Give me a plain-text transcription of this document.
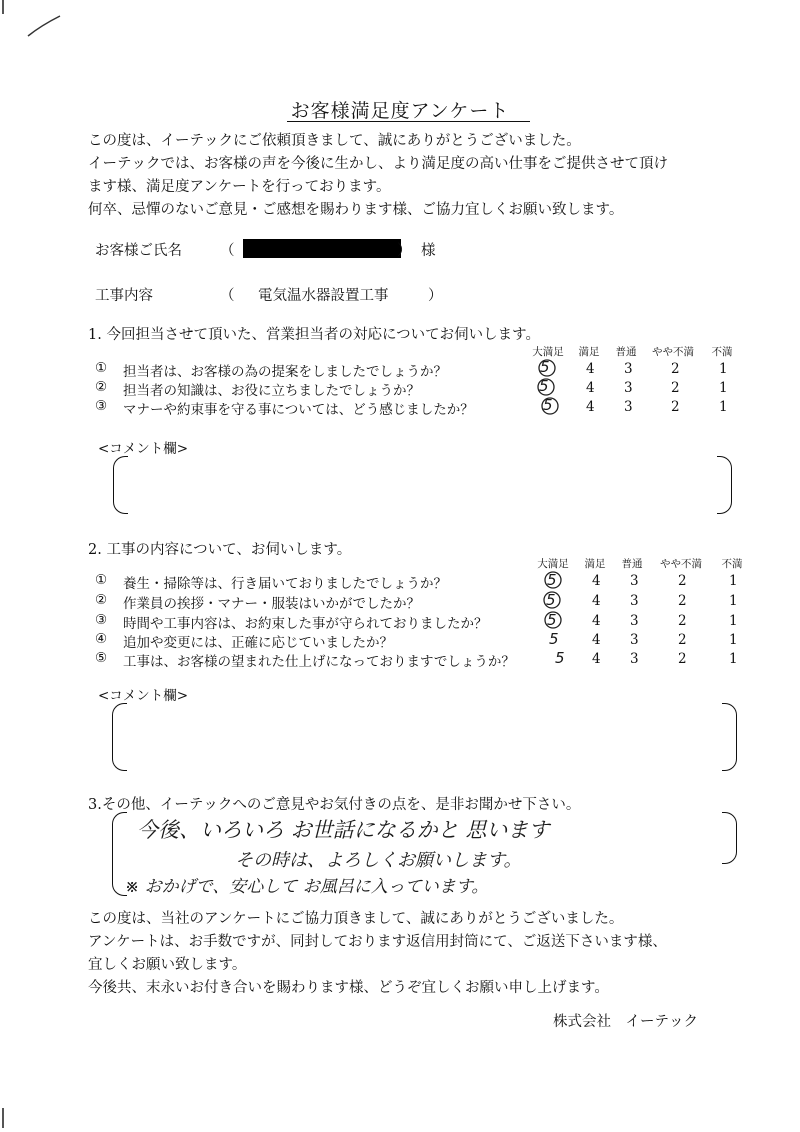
お客様満足度アンケート
この度は、イーテックにご依頼頂きまして、誠にありがとうございました。
イーテックでは、お客様の声を今後に生かし、より満足度の高い仕事をご提供させて頂け
ます様、満足度アンケートを行っております。
何卒、忌憚のないご意見・ご感想を賜わります様、ご協力宜しくお願い致します。
お客様ご氏名	（	） 様
工事内容	（ 電気温水器設置工事	）
1. 今回担当させて頂いた、営業担当者の対応についてお伺いします。
大満足 満足 普通 やや不満 不満
① 担当者は、お客様の為の提案をしましたでしょうか？	5	4 3	2	1
② 担当者の知識は、お役に立ちましたでしょうか？	5	4 3	2	1
③ マナーや約束事を守る事については、どう感じましたか？	5 4 3	2	1
<コメント欄>
2. 工事の内容について、お伺いします。
大満足 満足 普通 やや不満 不満
① 養生・掃除等は、行き届いておりましたでしょうか？	5	4 3	2	1
② 作業員の挨拶・マナー・服装はいかがでしたか？	5	4 3	2	1
③ 時間や工事内容は、お約束した事が守られておりましたか？	5	4 3	2	1
④ 追加や変更には、正確に応じていましたか？	5 4 3	2	1
⑤ 工事は、お客様の望まれた仕上げになっておりますでしょうか？	5 4 3	2	1
<コメント欄>
3.その他、イーテックへのご意見やお気付きの点を、是非お聞かせ下さい。
今後、いろいろ お世話になるかと 思います
その時は、よろしくお願いします。
※ おかげで、安心して お風呂に入っています。
この度は、当社のアンケートにご協力頂きまして、誠にありがとうございました。
アンケートは、お手数ですが、同封しております返信用封筒にて、ご返送下さいます様、
宜しくお願い致します。
今後共、末永いお付き合いを賜わります様、どうぞ宜しくお願い申し上げます。
株式会社　イーテック
